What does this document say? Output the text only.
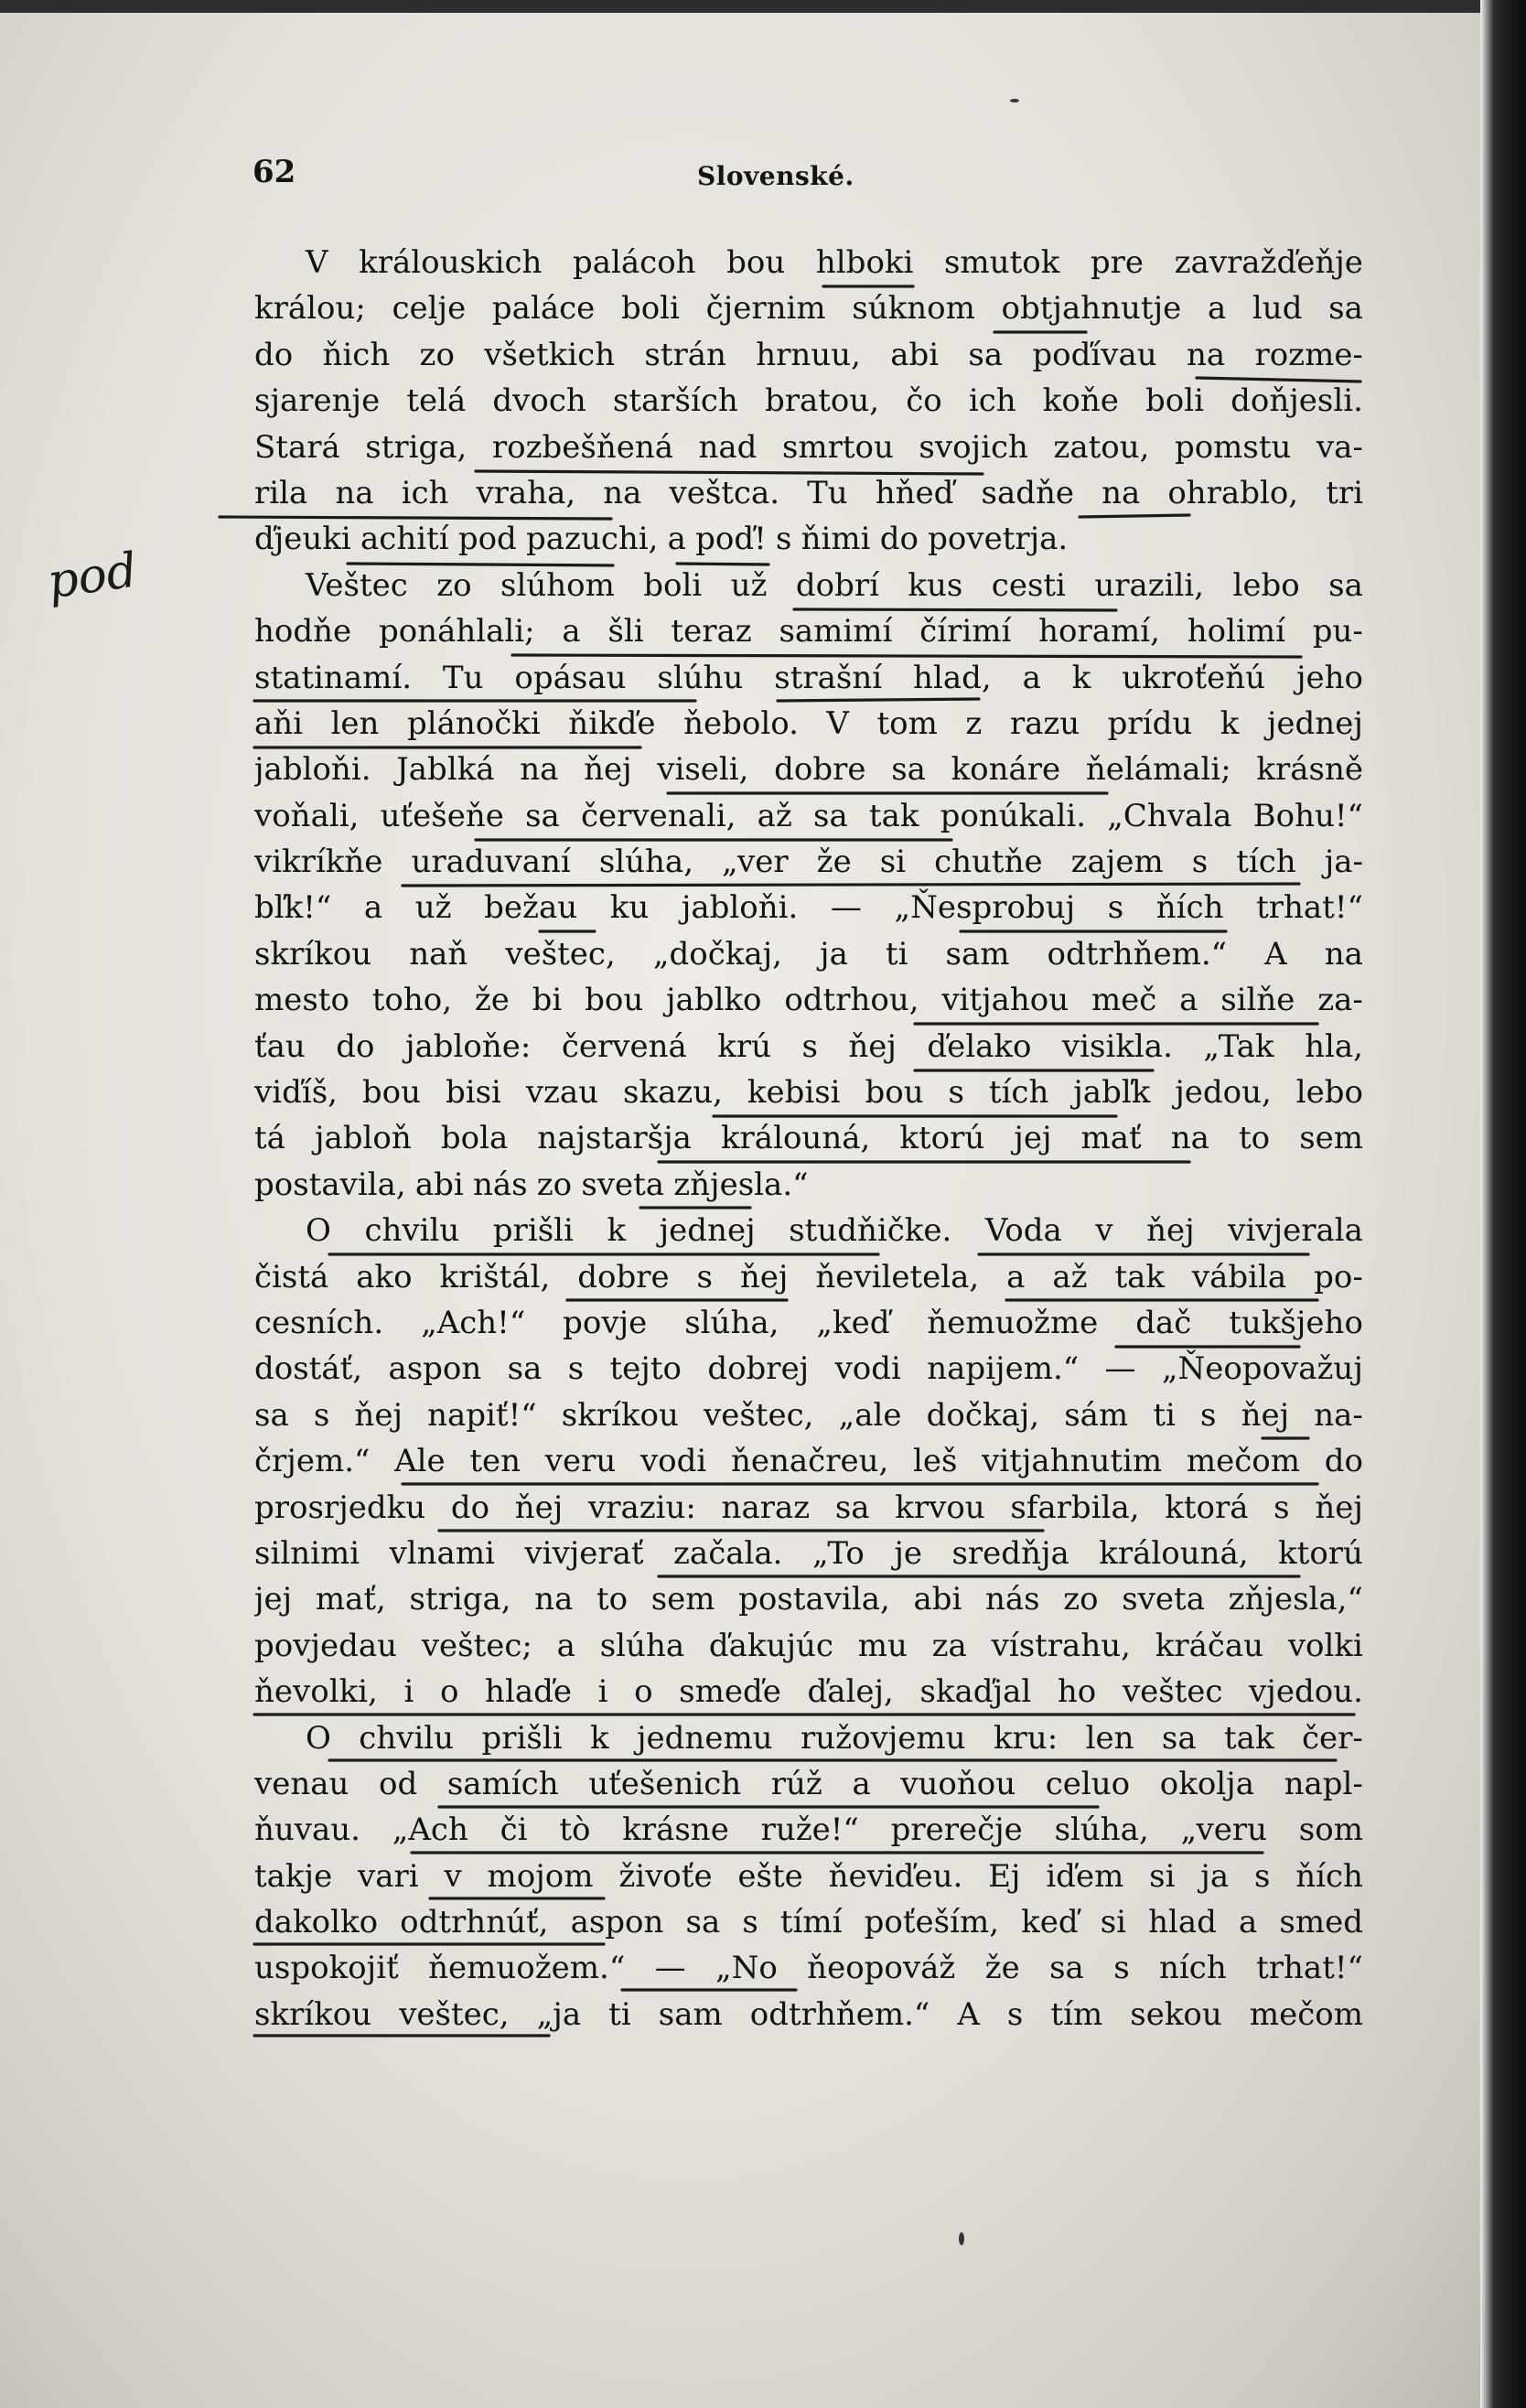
62	Slovenské.
pod
V králouskich palácoh bou hlboki smutok pre zavražďeňje
králou; celje paláce boli čjernim súknom obtjahnutje a lud sa
do ňich zo všetkich strán hrnuu, abi sa poďívau na rozme-
sjarenje telá dvoch starších bratou, čo ich koňe boli doňjesli.
Stará striga, rozbešňená nad smrtou svojich zatou, pomstu va-
rila na ich vraha, na veštca. Tu hňeď sadňe na ohrablo, tri
ďjeuki achití pod pazuchi, a poď! s ňimi do povetrja.
Veštec zo slúhom boli už dobrí kus cesti urazili, lebo sa
hodňe ponáhlali; a šli teraz samimí čírimí horamí, holimí pu-
statinamí. Tu opásau slúhu strašní hlad, a k ukroťeňú jeho
aňi len plánočki ňikďe ňebolo. V tom z razu prídu k jednej
jabloňi. Jablká na ňej viseli, dobre sa konáre ňelámali; krásně
voňali, uťešeňe sa červenali, až sa tak ponúkali. „Chvala Bohu!“
vikríkňe uraduvaní slúha, „ver že si chutňe zajem s tích ja-
bľk!“ a už bežau ku jabloňi. — „Ňesprobuj s ňích trhat!“
skríkou naň veštec, „dočkaj, ja ti sam odtrhňem.“ A na
mesto toho, že bi bou jablko odtrhou, vitjahou meč a silňe za-
ťau do jabloňe: červená krú s ňej ďelako visikla. „Tak hla,
viďíš, bou bisi vzau skazu, kebisi bou s tích jabľk jedou, lebo
tá jabloň bola najstaršja králouná, ktorú jej mať na to sem
postavila, abi nás zo sveta zňjesla.“
O chvilu prišli k jednej studňičke. Voda v ňej vivjerala
čistá ako krištál, dobre s ňej ňeviletela, a až tak vábila po-
cesních. „Ach!“ povje slúha, „keď ňemuožme dač tukšjeho
dostáť, aspon sa s tejto dobrej vodi napijem.“ — „Ňeopovažuj
sa s ňej napiť!“ skríkou veštec, „ale dočkaj, sám ti s ňej na-
črjem.“ Ale ten veru vodi ňenačreu, leš vitjahnutim mečom do
prosrjedku do ňej vraziu: naraz sa krvou sfarbila, ktorá s ňej
silnimi vlnami vivjerať začala. „To je sredňja králouná, ktorú
jej mať, striga, na to sem postavila, abi nás zo sveta zňjesla,“
povjedau veštec; a slúha ďakujúc mu za vístrahu, kráčau volki
ňevolki, i o hlaďe i o smeďe ďalej, skaďjal ho veštec vjedou.
O chvilu prišli k jednemu ružovjemu kru: len sa tak čer-
venau od samích uťešenich rúž a vuoňou celuo okolja napl-
ňuvau. „Ach či tò krásne ruže!“ prerečje slúha, „veru som
takje vari v mojom živoťe ešte ňeviďeu. Ej iďem si ja s ňích
dakolko odtrhnúť, aspon sa s tímí poťeším, keď si hlad a smed
uspokojiť ňemuožem.“ — „No ňeopováž že sa s ních trhat!“
skríkou veštec, „ja ti sam odtrhňem.“ A s tím sekou mečom
